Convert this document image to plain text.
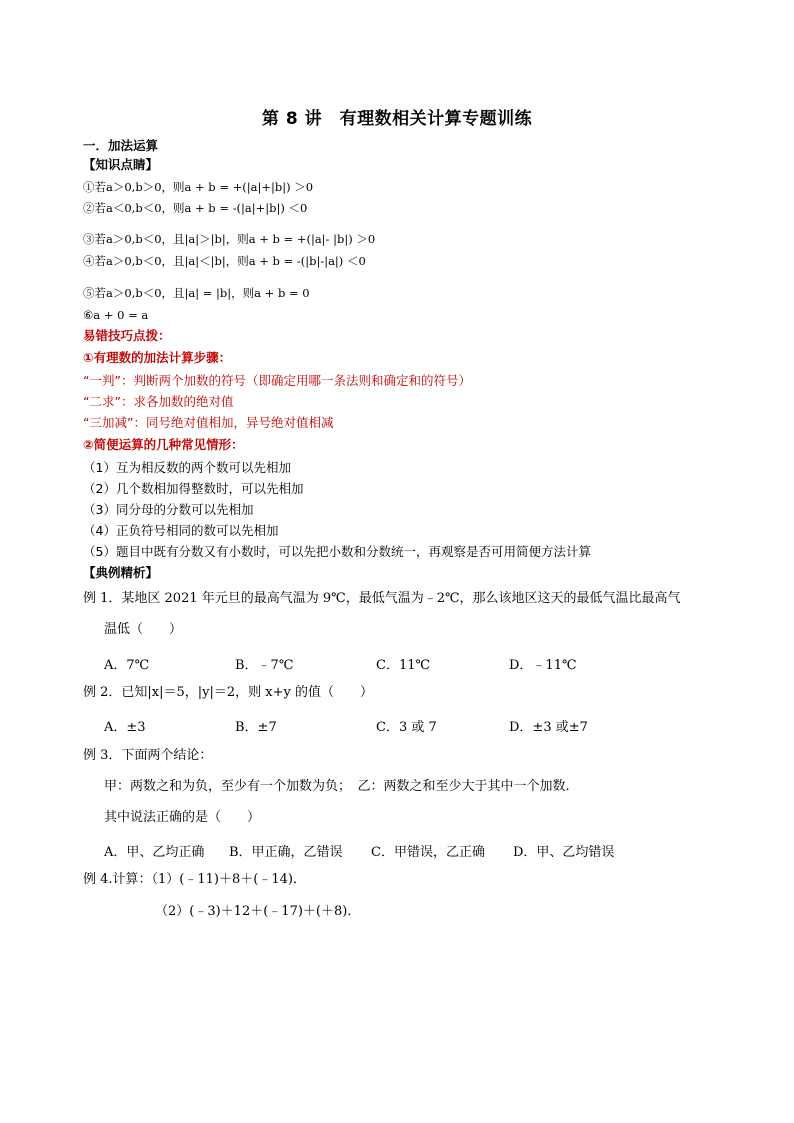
第 8 讲　有理数相关计算专题训练
一．加法运算
【知识点睛】
①若a＞0,b＞0，则a + b = +(|a|+|b|) ＞0
②若a＜0,b＜0，则a + b = -(|a|+|b|) ＜0
③若a＞0,b＜0，且|a|＞|b|，则a + b = +(|a|- |b|) ＞0
④若a＞0,b＜0，且|a|＜|b|，则a + b = -(|b|-|a|) ＜0
⑤若a＞0,b＜0，且|a| = |b|，则a + b = 0
⑥a + 0 = a
易错技巧点拨：
①有理数的加法计算步骤：
“一判”：判断两个加数的符号（即确定用哪一条法则和确定和的符号）
“二求”：求各加数的绝对值
“三加减”：同号绝对值相加，异号绝对值相减
②简便运算的几种常见情形：
（1）互为相反数的两个数可以先相加
（2）几个数相加得整数时，可以先相加
（3）同分母的分数可以先相加
（4）正负符号相同的数可以先相加
（5）题目中既有分数又有小数时，可以先把小数和分数统一，再观察是否可用简便方法计算
【典例精析】
例 1．某地区 2021 年元旦的最高气温为 9℃，最低气温为﹣2℃，那么该地区这天的最低气温比最高气
温低（　　）
A．7℃	B．﹣7℃	C．11℃	D．﹣11℃
例 2．已知|x|＝5，|y|＝2，则 x+y 的值（　　）
A．±3	B．±7	C．3 或 7	D．±3 或±7
例 3．下面两个结论：
甲：两数之和为负，至少有一个加数为负；　乙：两数之和至少大于其中一个加数．
其中说法正确的是（　　）
A．甲、乙均正确 B．甲正确，乙错误 C．甲错误，乙正确 D．甲、乙均错误
例 4.计算：（1）(﹣11)＋8＋(﹣14)．
（2）(﹣3)＋12＋(﹣17)＋(＋8)．
